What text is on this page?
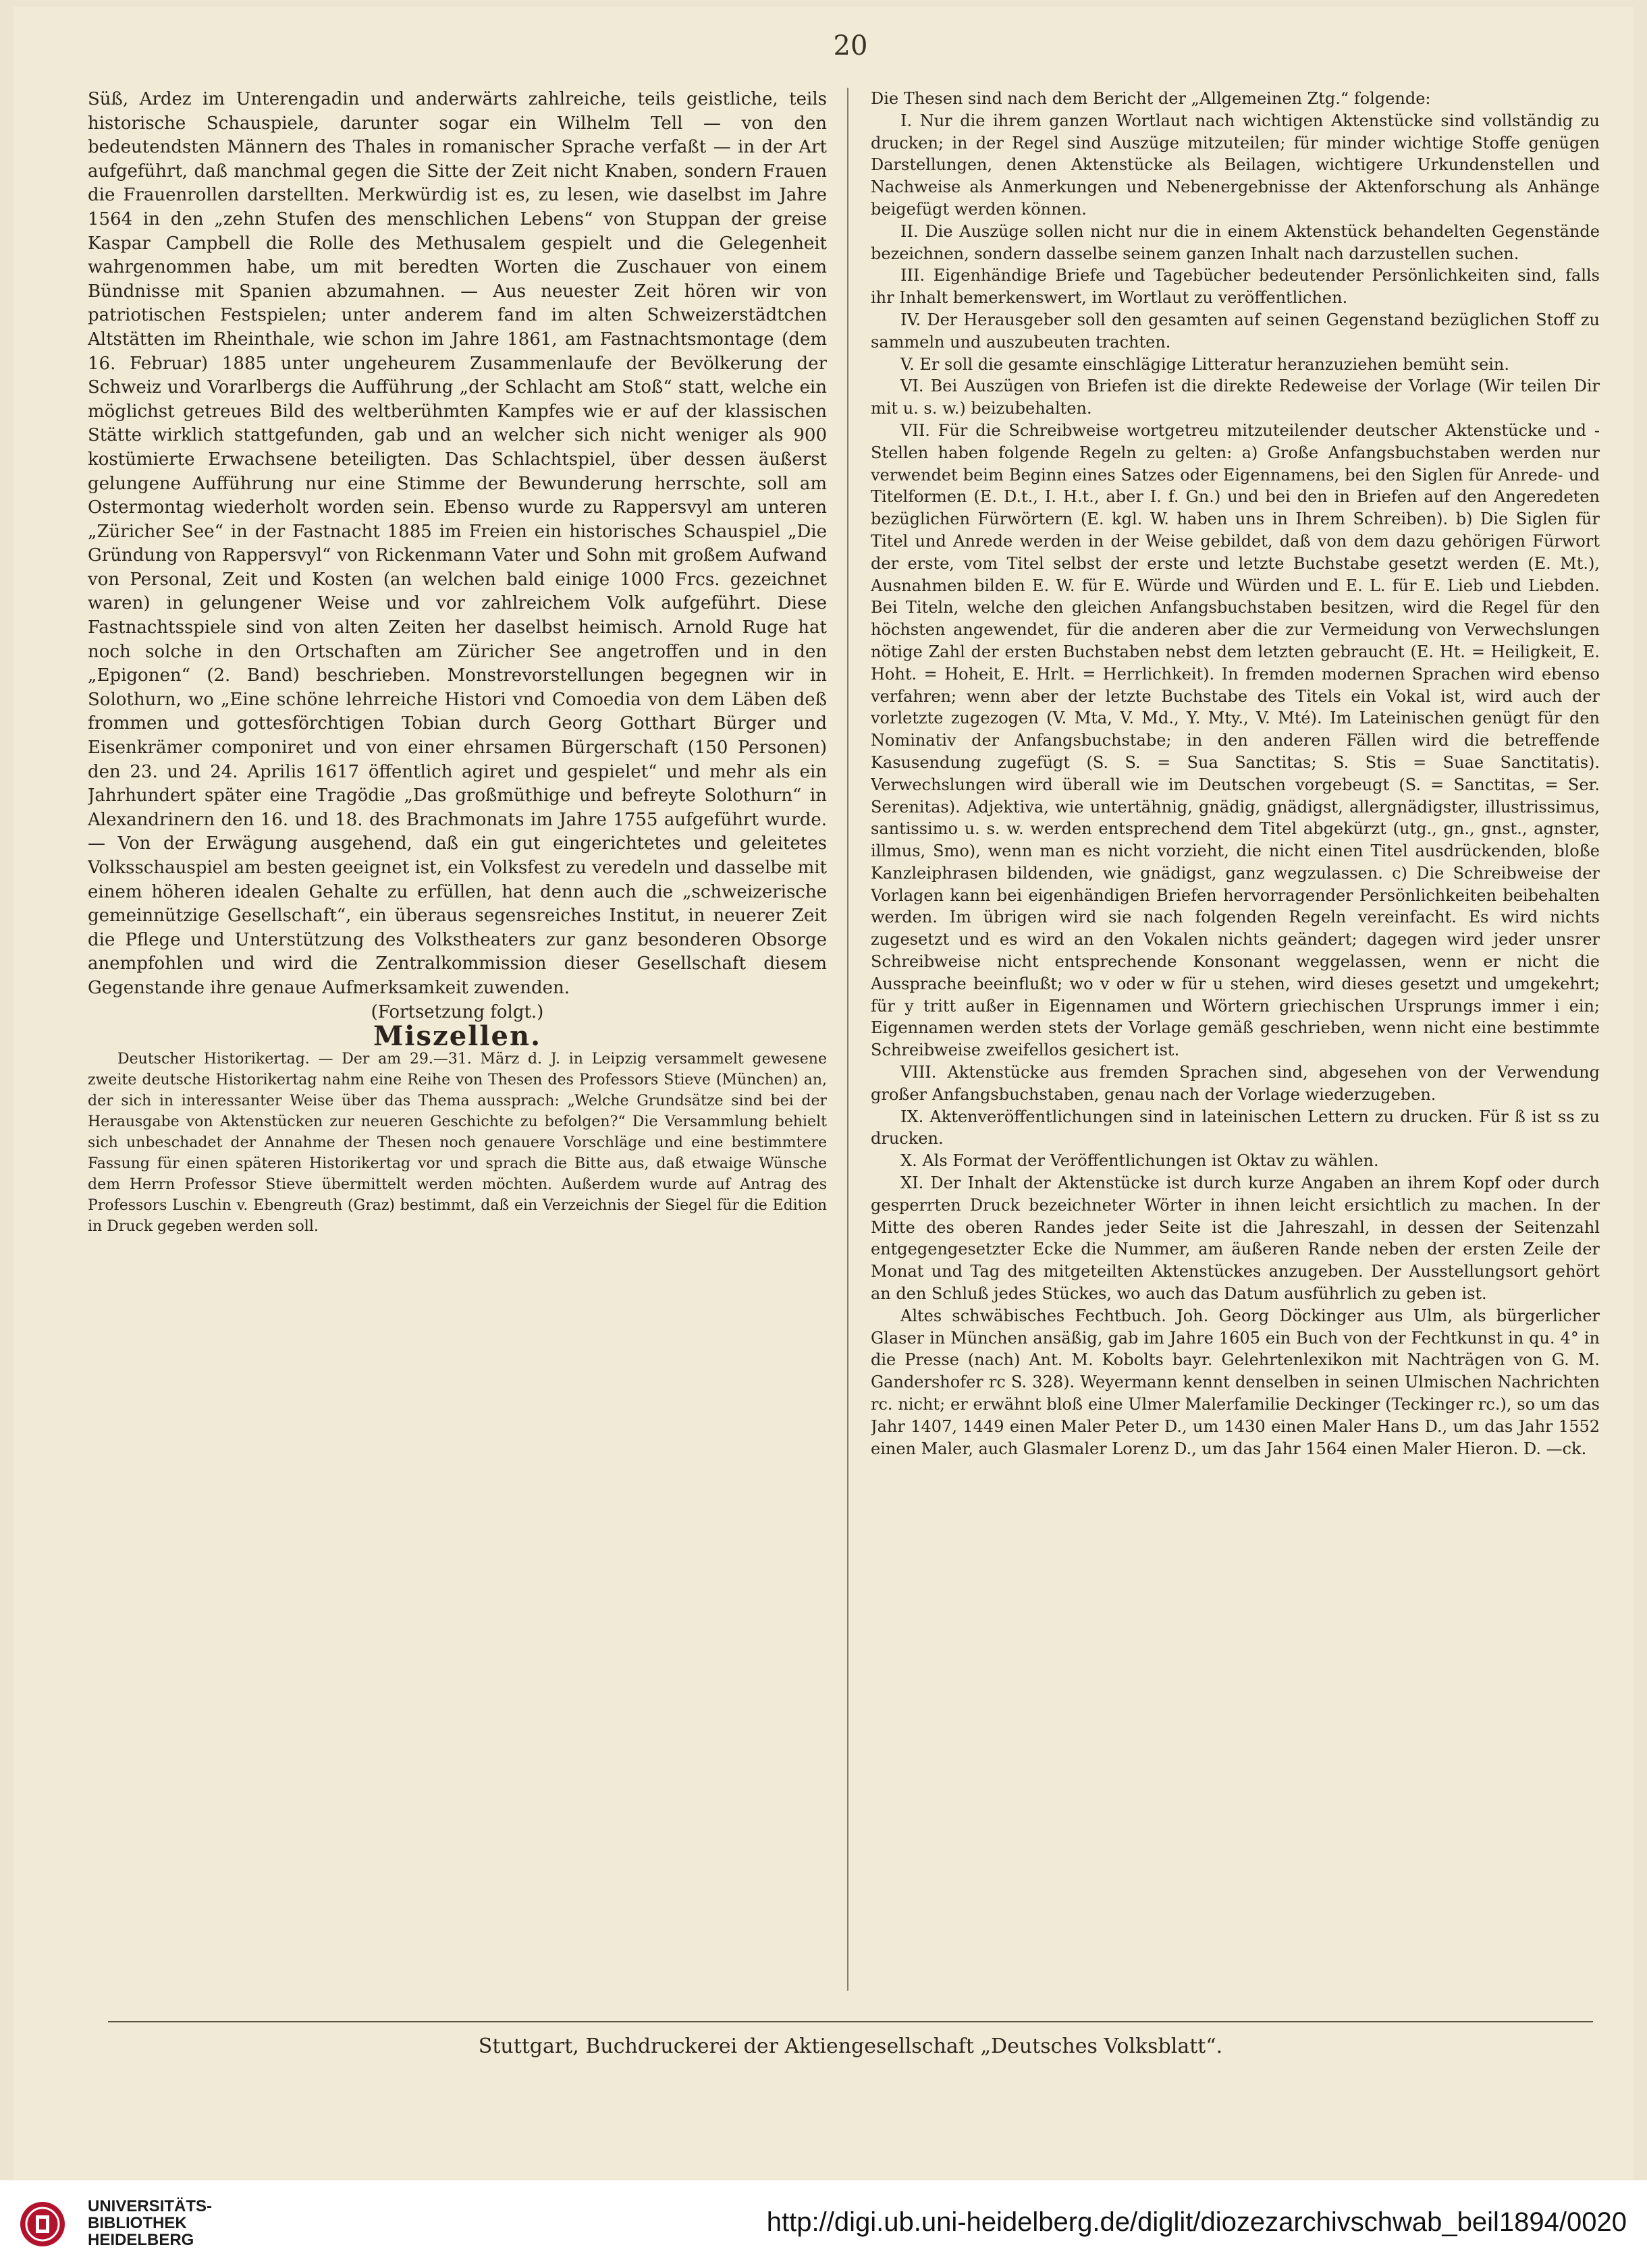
20

Süß, Ardez im Unterengadin und anderwärts zahlreiche, teils geistliche, teils historische Schauspiele, darunter sogar ein Wilhelm Tell — von den bedeutendsten Männern des Thales in romanischer Sprache verfaßt — in der Art aufgeführt, daß manchmal gegen die Sitte der Zeit nicht Knaben, sondern Frauen die Frauenrollen darstellten. Merkwürdig ist es, zu lesen, wie daselbst im Jahre 1564 in den „zehn Stufen des menschlichen Lebens“ von Stuppan der greise Kaspar Campbell die Rolle des Methusalem gespielt und die Gelegenheit wahrgenommen habe, um mit beredten Worten die Zuschauer von einem Bündnisse mit Spanien abzumahnen. — Aus neuester Zeit hören wir von patriotischen Festspielen; unter anderem fand im alten Schweizerstädtchen Altstätten im Rheinthale, wie schon im Jahre 1861, am Fastnachtsmontage (dem 16. Februar) 1885 unter ungeheurem Zusammenlaufe der Bevölkerung der Schweiz und Vorarlbergs die Aufführung „der Schlacht am Stoß“ statt, welche ein möglichst getreues Bild des weltberühmten Kampfes wie er auf der klassischen Stätte wirklich stattgefunden, gab und an welcher sich nicht weniger als 900 kostümierte Erwachsene beteiligten. Das Schlachtspiel, über dessen äußerst gelungene Aufführung nur eine Stimme der Bewunderung herrschte, soll am Ostermontag wiederholt worden sein. Ebenso wurde zu Rappersvyl am unteren „Züricher See“ in der Fastnacht 1885 im Freien ein historisches Schauspiel „Die Gründung von Rappersvyl“ von Rickenmann Vater und Sohn mit großem Aufwand von Personal, Zeit und Kosten (an welchen bald einige 1000 Frcs. gezeichnet waren) in gelungener Weise und vor zahlreichem Volk aufgeführt. Diese Fastnachtsspiele sind von alten Zeiten her daselbst heimisch. Arnold Ruge hat noch solche in den Ortschaften am Züricher See angetroffen und in den „Epigonen“ (2. Band) beschrieben. Monstrevorstellungen begegnen wir in Solothurn, wo „Eine schöne lehrreiche Histori vnd Comoedia von dem Läben deß frommen und gottesförchtigen Tobian durch Georg Gotthart Bürger und Eisenkrämer componiret und von einer ehrsamen Bürgerschaft (150 Personen) den 23. und 24. Aprilis 1617 öffentlich agiret und gespielet“ und mehr als ein Jahrhundert später eine Tragödie „Das großmüthige und befreyte Solothurn“ in Alexandrinern den 16. und 18. des Brachmonats im Jahre 1755 aufgeführt wurde. — Von der Erwägung ausgehend, daß ein gut eingerichtetes und geleitetes Volksschauspiel am besten geeignet ist, ein Volksfest zu veredeln und dasselbe mit einem höheren idealen Gehalte zu erfüllen, hat denn auch die „schweizerische gemeinnützige Gesellschaft“, ein überaus segensreiches Institut, in neuerer Zeit die Pflege und Unterstützung des Volkstheaters zur ganz besonderen Obsorge anempfohlen und wird die Zentralkommission dieser Gesellschaft diesem Gegenstande ihre genaue Aufmerksamkeit zuwenden.

(Fortsetzung folgt.)

Miszellen.

Deutscher Historikertag. — Der am 29.—31. März d. J. in Leipzig versammelt gewesene zweite deutsche Historikertag nahm eine Reihe von Thesen des Professors Stieve (München) an, der sich in interessanter Weise über das Thema aussprach: „Welche Grundsätze sind bei der Herausgabe von Aktenstücken zur neueren Geschichte zu befolgen?“ Die Versammlung behielt sich unbeschadet der Annahme der Thesen noch genauere Vorschläge und eine bestimmtere Fassung für einen späteren Historikertag vor und sprach die Bitte aus, daß etwaige Wünsche dem Herrn Professor Stieve übermittelt werden möchten. Außerdem wurde auf Antrag des Professors Luschin v. Ebengreuth (Graz) bestimmt, daß ein Verzeichnis der Siegel für die Edition in Druck gegeben werden soll.

Die Thesen sind nach dem Bericht der „Allgemeinen Ztg.“ folgende:

I. Nur die ihrem ganzen Wortlaut nach wichtigen Aktenstücke sind vollständig zu drucken; in der Regel sind Auszüge mitzuteilen; für minder wichtige Stoffe genügen Darstellungen, denen Aktenstücke als Beilagen, wichtigere Urkundenstellen und Nachweise als Anmerkungen und Nebenergebnisse der Aktenforschung als Anhänge beigefügt werden können.

II. Die Auszüge sollen nicht nur die in einem Aktenstück behandelten Gegenstände bezeichnen, sondern dasselbe seinem ganzen Inhalt nach darzustellen suchen.

III. Eigenhändige Briefe und Tagebücher bedeutender Persönlichkeiten sind, falls ihr Inhalt bemerkenswert, im Wortlaut zu veröffentlichen.

IV. Der Herausgeber soll den gesamten auf seinen Gegenstand bezüglichen Stoff zu sammeln und auszubeuten trachten.

V. Er soll die gesamte einschlägige Litteratur heranzuziehen bemüht sein.

VI. Bei Auszügen von Briefen ist die direkte Redeweise der Vorlage (Wir teilen Dir mit u. s. w.) beizubehalten.

VII. Für die Schreibweise wortgetreu mitzuteilender deutscher Aktenstücke und -Stellen haben folgende Regeln zu gelten: a) Große Anfangsbuchstaben werden nur verwendet beim Beginn eines Satzes oder Eigennamens, bei den Siglen für Anrede- und Titelformen (E. D.t., I. H.t., aber I. f. Gn.) und bei den in Briefen auf den Angeredeten bezüglichen Fürwörtern (E. kgl. W. haben uns in Ihrem Schreiben). b) Die Siglen für Titel und Anrede werden in der Weise gebildet, daß von dem dazu gehörigen Fürwort der erste, vom Titel selbst der erste und letzte Buchstabe gesetzt werden (E. Mt.), Ausnahmen bilden E. W. für E. Würde und Würden und E. L. für E. Lieb und Liebden. Bei Titeln, welche den gleichen Anfangsbuchstaben besitzen, wird die Regel für den höchsten angewendet, für die anderen aber die zur Vermeidung von Verwechslungen nötige Zahl der ersten Buchstaben nebst dem letzten gebraucht (E. Ht. = Heiligkeit, E. Hoht. = Hoheit, E. Hrlt. = Herrlichkeit). In fremden modernen Sprachen wird ebenso verfahren; wenn aber der letzte Buchstabe des Titels ein Vokal ist, wird auch der vorletzte zugezogen (V. Mta, V. Md., Y. Mty., V. Mté). Im Lateinischen genügt für den Nominativ der Anfangsbuchstabe; in den anderen Fällen wird die betreffende Kasusendung zugefügt (S. S. = Sua Sanctitas; S. Stis = Suae Sanctitatis). Verwechslungen wird überall wie im Deutschen vorgebeugt (S. = Sanctitas, = Ser. Serenitas). Adjektiva, wie untertähnig, gnädig, gnädigst, allergnädigster, illustrissimus, santissimo u. s. w. werden entsprechend dem Titel abgekürzt (utg., gn., gnst., agnster, illmus, Smo), wenn man es nicht vorzieht, die nicht einen Titel ausdrückenden, bloße Kanzleiphrasen bildenden, wie gnädigst, ganz wegzulassen. c) Die Schreibweise der Vorlagen kann bei eigenhändigen Briefen hervorragender Persönlichkeiten beibehalten werden. Im übrigen wird sie nach folgenden Regeln vereinfacht. Es wird nichts zugesetzt und es wird an den Vokalen nichts geändert; dagegen wird jeder unsrer Schreibweise nicht entsprechende Konsonant weggelassen, wenn er nicht die Aussprache beeinflußt; wo v oder w für u stehen, wird dieses gesetzt und umgekehrt; für y tritt außer in Eigennamen und Wörtern griechischen Ursprungs immer i ein; Eigennamen werden stets der Vorlage gemäß geschrieben, wenn nicht eine bestimmte Schreibweise zweifellos gesichert ist.

VIII. Aktenstücke aus fremden Sprachen sind, abgesehen von der Verwendung großer Anfangsbuchstaben, genau nach der Vorlage wiederzugeben.

IX. Aktenveröffentlichungen sind in lateinischen Lettern zu drucken. Für ß ist ss zu drucken.

X. Als Format der Veröffentlichungen ist Oktav zu wählen.

XI. Der Inhalt der Aktenstücke ist durch kurze Angaben an ihrem Kopf oder durch gesperrten Druck bezeichneter Wörter in ihnen leicht ersichtlich zu machen. In der Mitte des oberen Randes jeder Seite ist die Jahreszahl, in dessen der Seitenzahl entgegengesetzter Ecke die Nummer, am äußeren Rande neben der ersten Zeile der Monat und Tag des mitgeteilten Aktenstückes anzugeben. Der Ausstellungsort gehört an den Schluß jedes Stückes, wo auch das Datum ausführlich zu geben ist.

Altes schwäbisches Fechtbuch. Joh. Georg Döckinger aus Ulm, als bürgerlicher Glaser in München ansäßig, gab im Jahre 1605 ein Buch von der Fechtkunst in qu. 4° in die Presse (nach) Ant. M. Kobolts bayr. Gelehrtenlexikon mit Nachträgen von G. M. Gandershofer rc S. 328). Weyermann kennt denselben in seinen Ulmischen Nachrichten rc. nicht; er erwähnt bloß eine Ulmer Malerfamilie Deckinger (Teckinger rc.), so um das Jahr 1407, 1449 einen Maler Peter D., um 1430 einen Maler Hans D., um das Jahr 1552 einen Maler, auch Glasmaler Lorenz D., um das Jahr 1564 einen Maler Hieron. D. —ck.

Stuttgart, Buchdruckerei der Aktiengesellschaft „Deutsches Volksblatt“.
UNIVERSITÄTS-
BIBLIOTHEK
HEIDELBERG
http://digi.ub.uni-heidelberg.de/diglit/diozezarchivschwab_beil1894/0020
